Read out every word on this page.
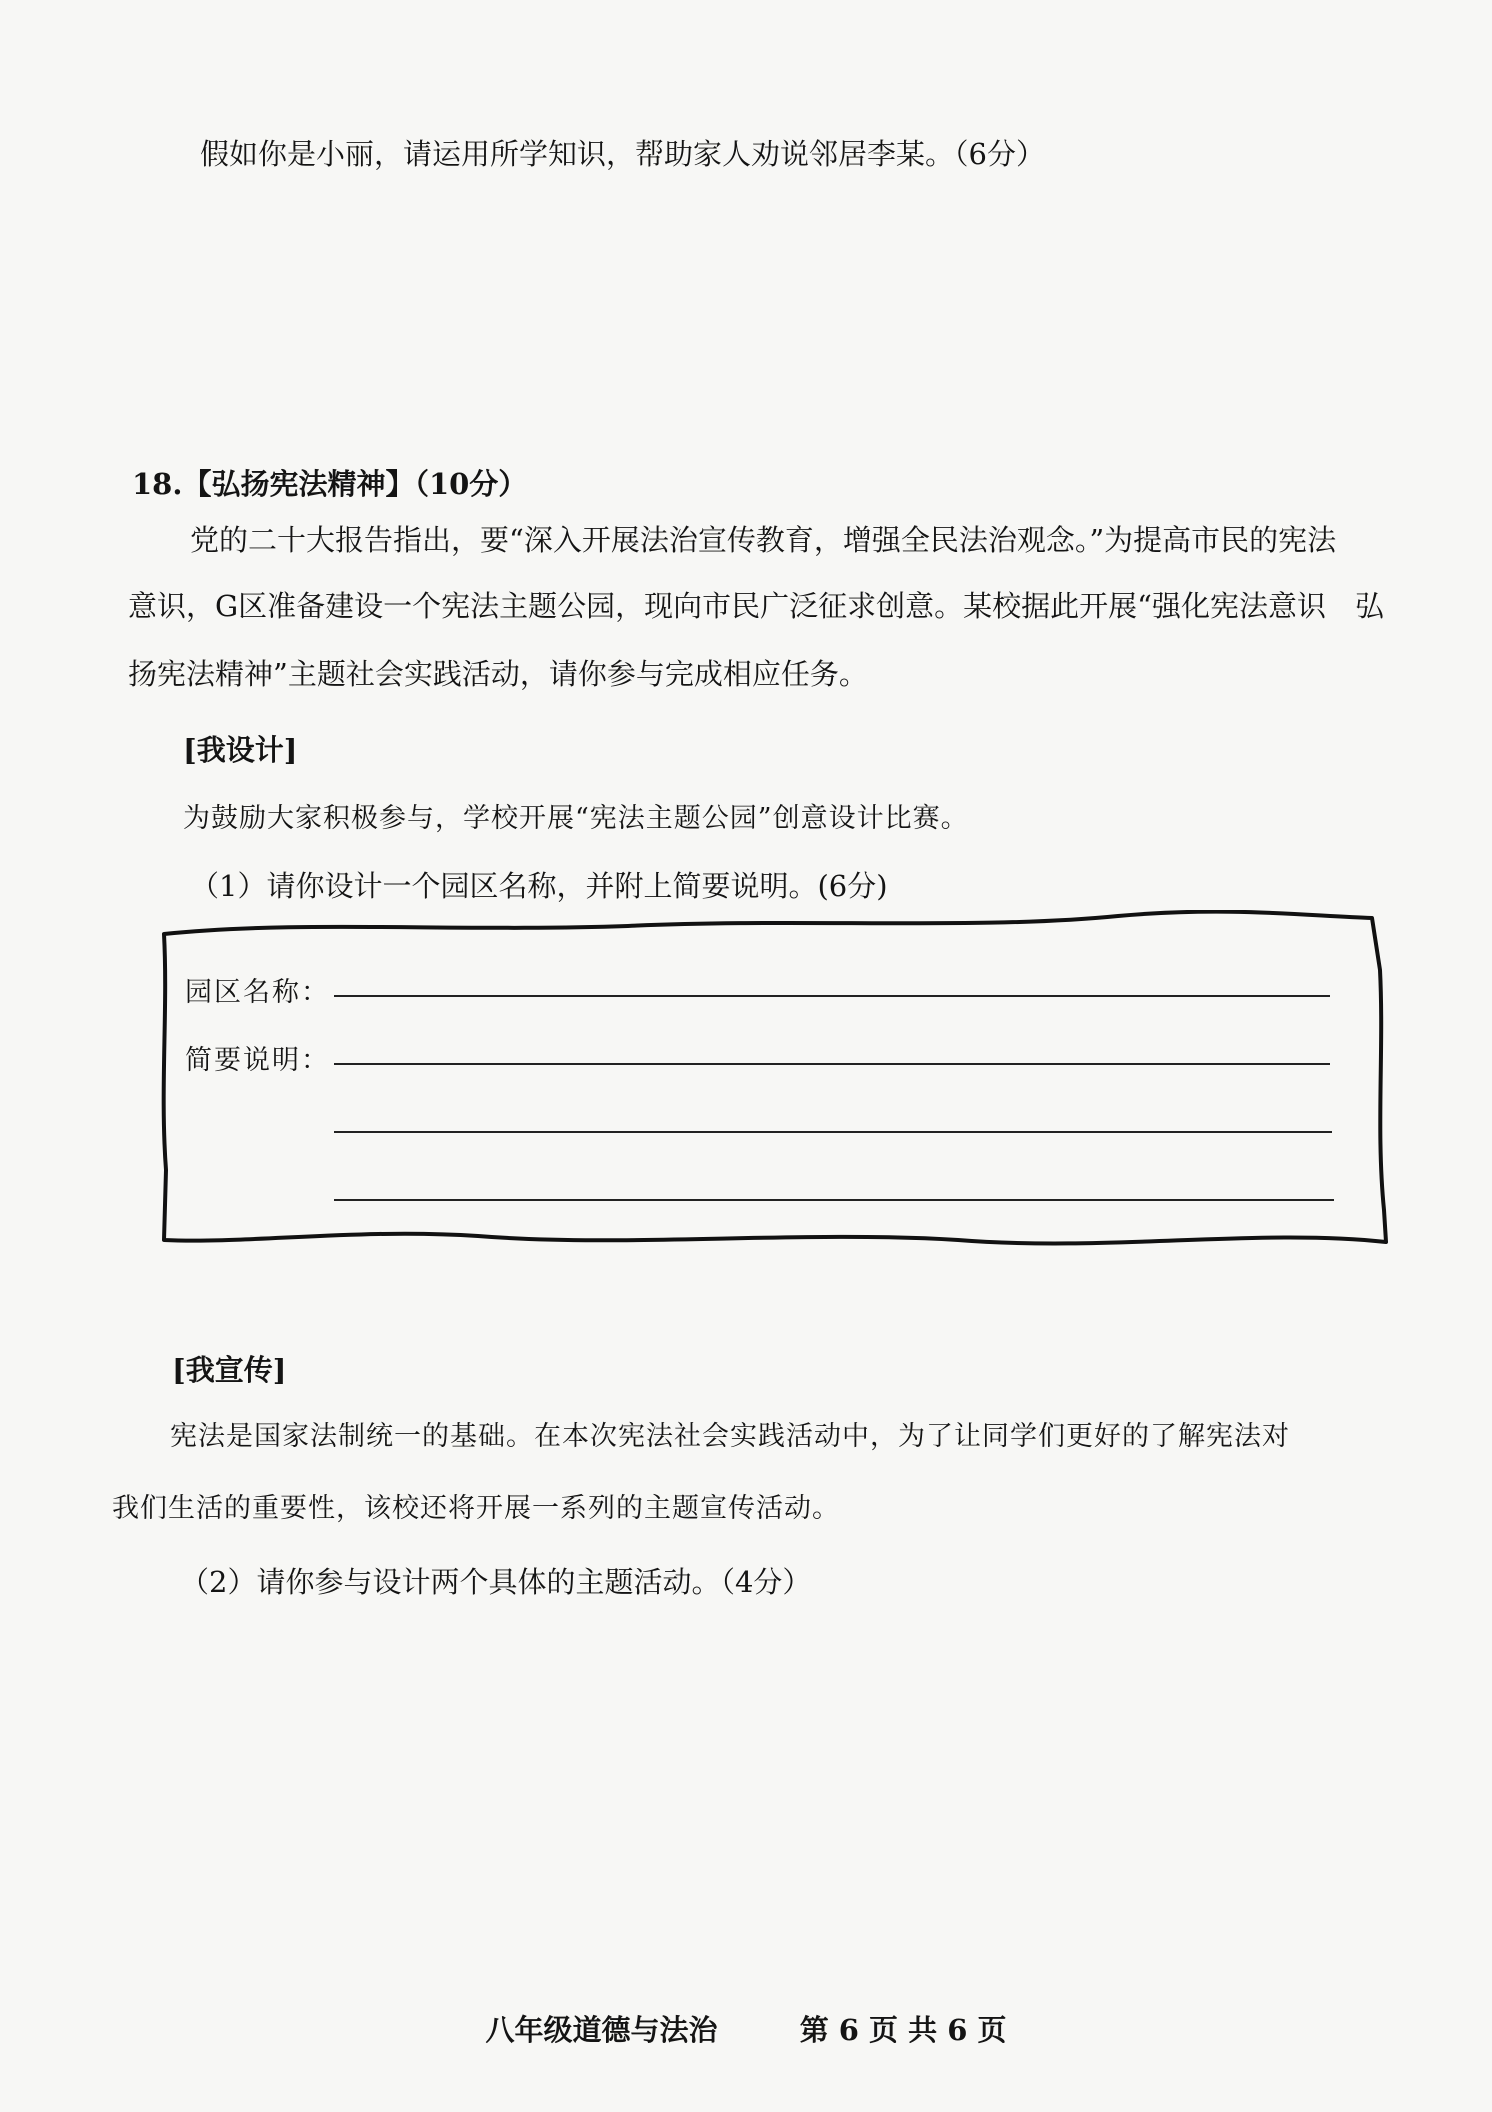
假如你是小丽，请运用所学知识，帮助家人劝说邻居李某。（6分）
18.【弘扬宪法精神】（10分）
党的二十大报告指出，要“深入开展法治宣传教育，增强全民法治观念。”为提高市民的宪法
意识，G区准备建设一个宪法主题公园，现向市民广泛征求创意。某校据此开展“强化宪法意识　弘
扬宪法精神”主题社会实践活动，请你参与完成相应任务。
[我设计]
为鼓励大家积极参与，学校开展“宪法主题公园”创意设计比赛。
（1）请你设计一个园区名称，并附上简要说明。(6分)
园区名称：
简要说明：
[我宣传]
宪法是国家法制统一的基础。在本次宪法社会实践活动中，为了让同学们更好的了解宪法对
我们生活的重要性，该校还将开展一系列的主题宣传活动。
（2）请你参与设计两个具体的主题活动。（4分）
八年级道德与法治	第 6 页 共 6 页
